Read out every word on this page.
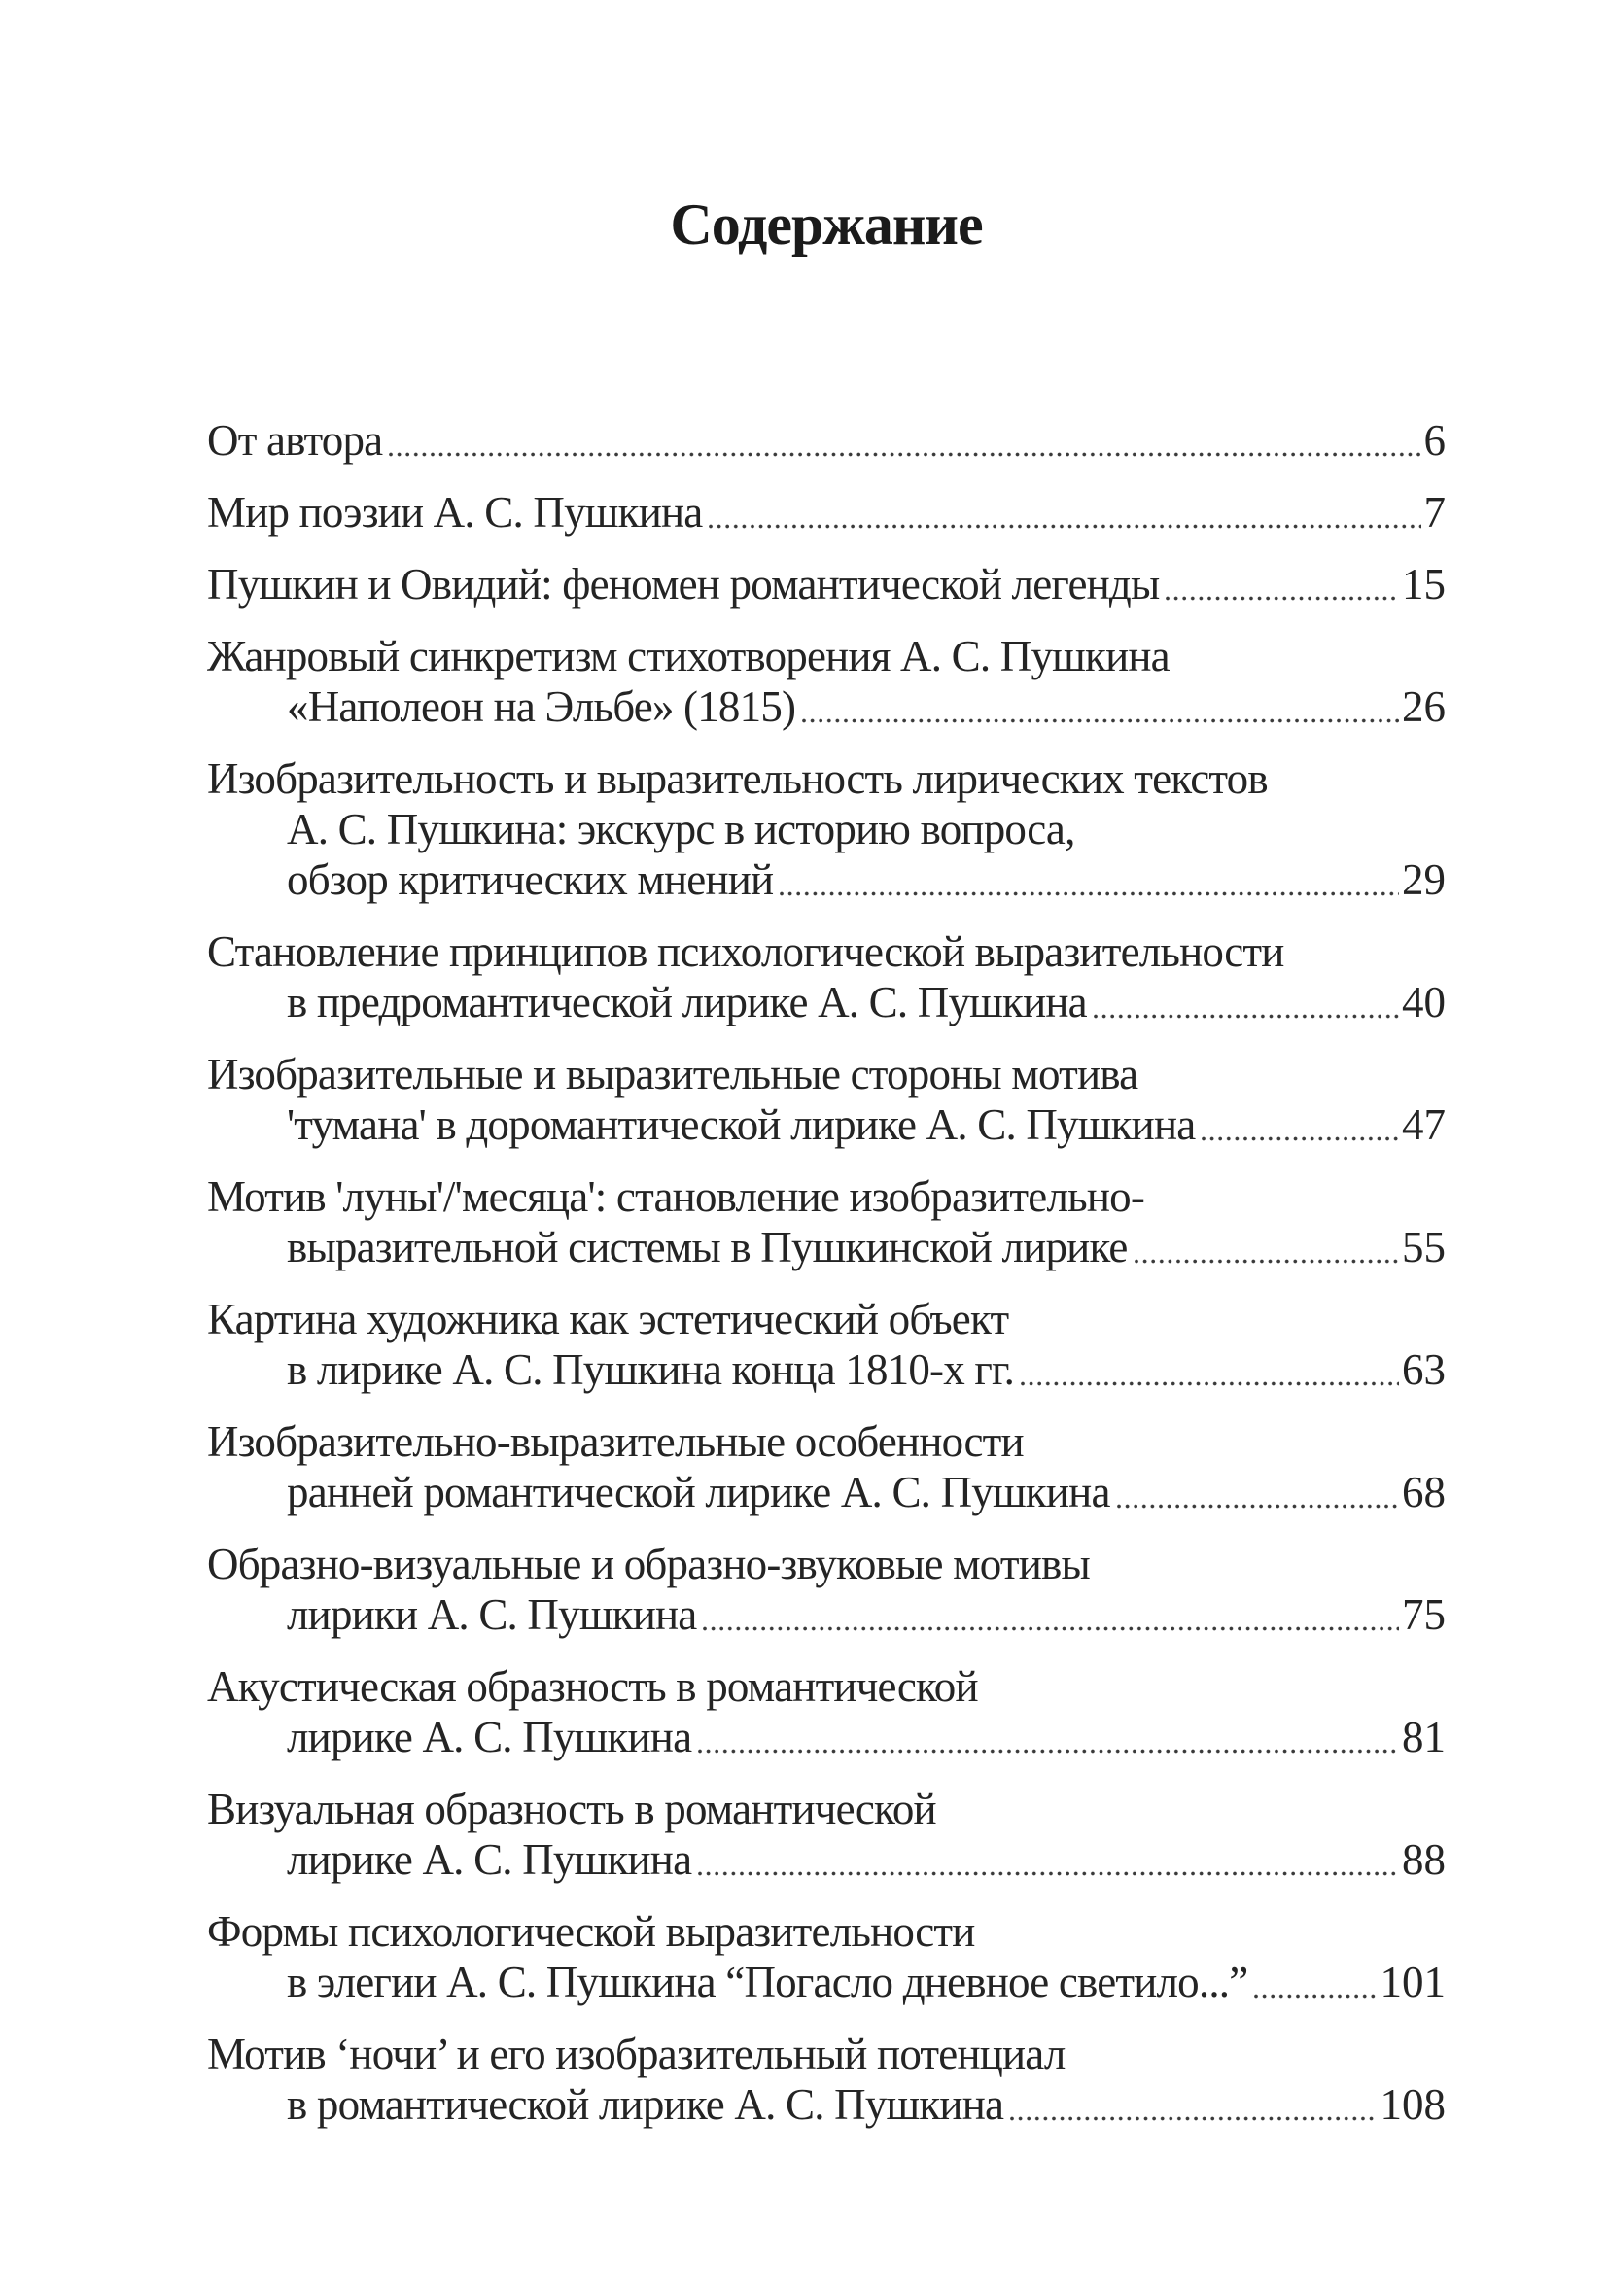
Содержание
От автора	6
Мир поэзии А. С. Пушкина	7
Пушкин и Овидий: феномен романтической легенды	15
Жанровый синкретизм стихотворения А. С. Пушкина
«Наполеон на Эльбе» (1815)	26
Изобразительность и выразительность лирических текстов
А. С. Пушкина: экскурс в историю вопроса,
обзор критических мнений	29
Становление принципов психологической выразительности
в предромантической лирике А. С. Пушкина	40
Изобразительные и выразительные стороны мотива
'тумана' в доромантической лирике А. С. Пушкина	47
Мотив 'луны'/'месяца': становление изобразительно-
выразительной системы в Пушкинской лирике	55
Картина художника как эстетический объект
в лирике А. С. Пушкина конца 1810-х гг.	63
Изобразительно-выразительные особенности
ранней романтической лирике А. С. Пушкина	68
Образно-визуальные и образно-звуковые мотивы
лирики А. С. Пушкина	75
Акустическая образность в романтической
лирике А. С. Пушкина	81
Визуальная образность в романтической
лирике А. С. Пушкина	88
Формы психологической выразительности
в элегии А. С. Пушкина “Погасло дневное светило...”	101
Мотив ‘ночи’ и его изобразительный потенциал
в романтической лирике А. С. Пушкина	108
